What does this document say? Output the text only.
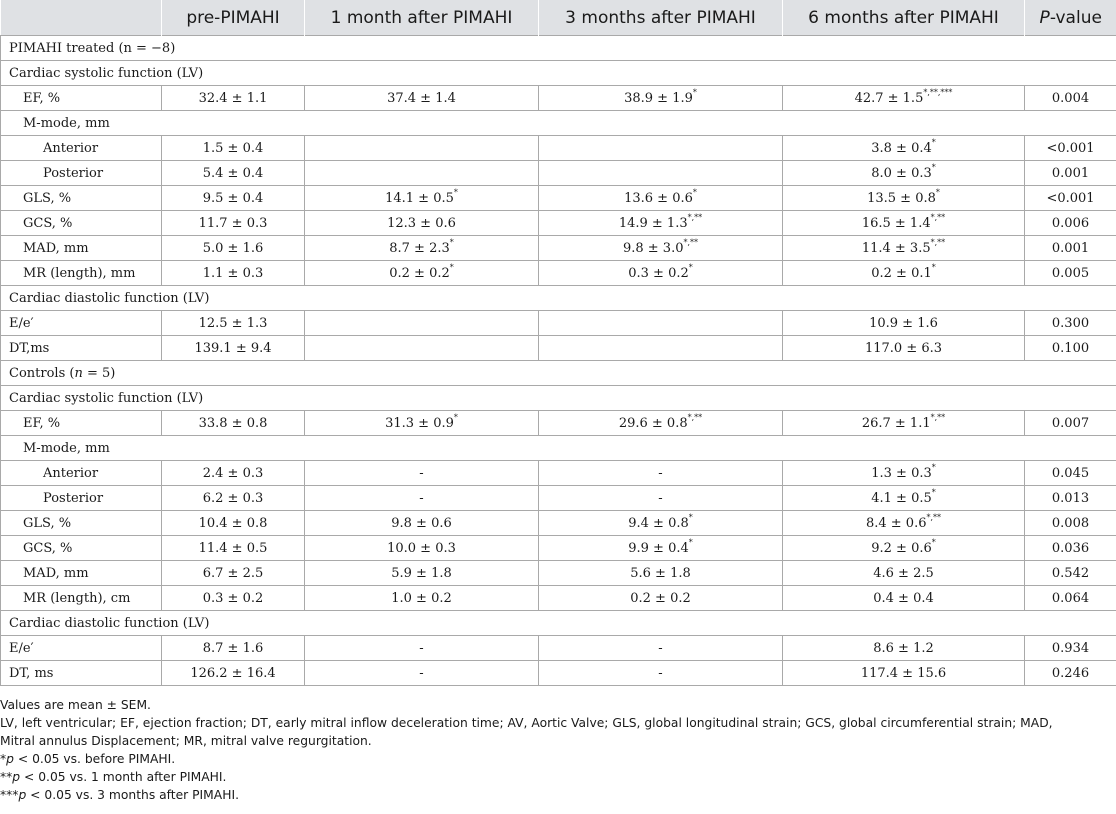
	pre-PIMAHI	1 month after PIMAHI	3 months after PIMAHI	6 months after PIMAHI	P-value
PIMAHI treated (n = −8)					
Cardiac systolic function (LV)					
EF, %	32.4 ± 1.1	37.4 ± 1.4	38.9 ± 1.9*	42.7 ± 1.5*,**,***	0.004
M-mode, mm					
Anterior	1.5 ± 0.4			3.8 ± 0.4*	<0.001
Posterior	5.4 ± 0.4			8.0 ± 0.3*	0.001
GLS, %	9.5 ± 0.4	14.1 ± 0.5*	13.6 ± 0.6*	13.5 ± 0.8*	<0.001
GCS, %	11.7 ± 0.3	12.3 ± 0.6	14.9 ± 1.3*,**	16.5 ± 1.4*,**	0.006
MAD, mm	5.0 ± 1.6	8.7 ± 2.3*	9.8 ± 3.0*,**	11.4 ± 3.5*,**	0.001
MR (length), mm	1.1 ± 0.3	0.2 ± 0.2*	0.3 ± 0.2*	0.2 ± 0.1*	0.005
Cardiac diastolic function (LV)					
E/e′	12.5 ± 1.3			10.9 ± 1.6	0.300
DT,ms	139.1 ± 9.4			117.0 ± 6.3	0.100
Controls (n = 5)					
Cardiac systolic function (LV)					
EF, %	33.8 ± 0.8	31.3 ± 0.9*	29.6 ± 0.8*,**	26.7 ± 1.1*,**	0.007
M-mode, mm					
Anterior	2.4 ± 0.3	-	-	1.3 ± 0.3*	0.045
Posterior	6.2 ± 0.3	-	-	4.1 ± 0.5*	0.013
GLS, %	10.4 ± 0.8	9.8 ± 0.6	9.4 ± 0.8*	8.4 ± 0.6*,**	0.008
GCS, %	11.4 ± 0.5	10.0 ± 0.3	9.9 ± 0.4*	9.2 ± 0.6*	0.036
MAD, mm	6.7 ± 2.5	5.9 ± 1.8	5.6 ± 1.8	4.6 ± 2.5	0.542
MR (length), cm	0.3 ± 0.2	1.0 ± 0.2	0.2 ± 0.2	0.4 ± 0.4	0.064
Cardiac diastolic function (LV)					
E/e′	8.7 ± 1.6	-	-	8.6 ± 1.2	0.934
DT, ms	126.2 ± 16.4	-	-	117.4 ± 15.6	0.246

Values are mean ± SEM.

LV, left ventricular; EF, ejection fraction; DT, early mitral inflow deceleration time; AV, Aortic Valve; GLS, global longitudinal strain; GCS, global circumferential strain; MAD,

Mitral annulus Displacement; MR, mitral valve regurgitation.

*p < 0.05 vs. before PIMAHI.

**p < 0.05 vs. 1 month after PIMAHI.

***p < 0.05 vs. 3 months after PIMAHI.
